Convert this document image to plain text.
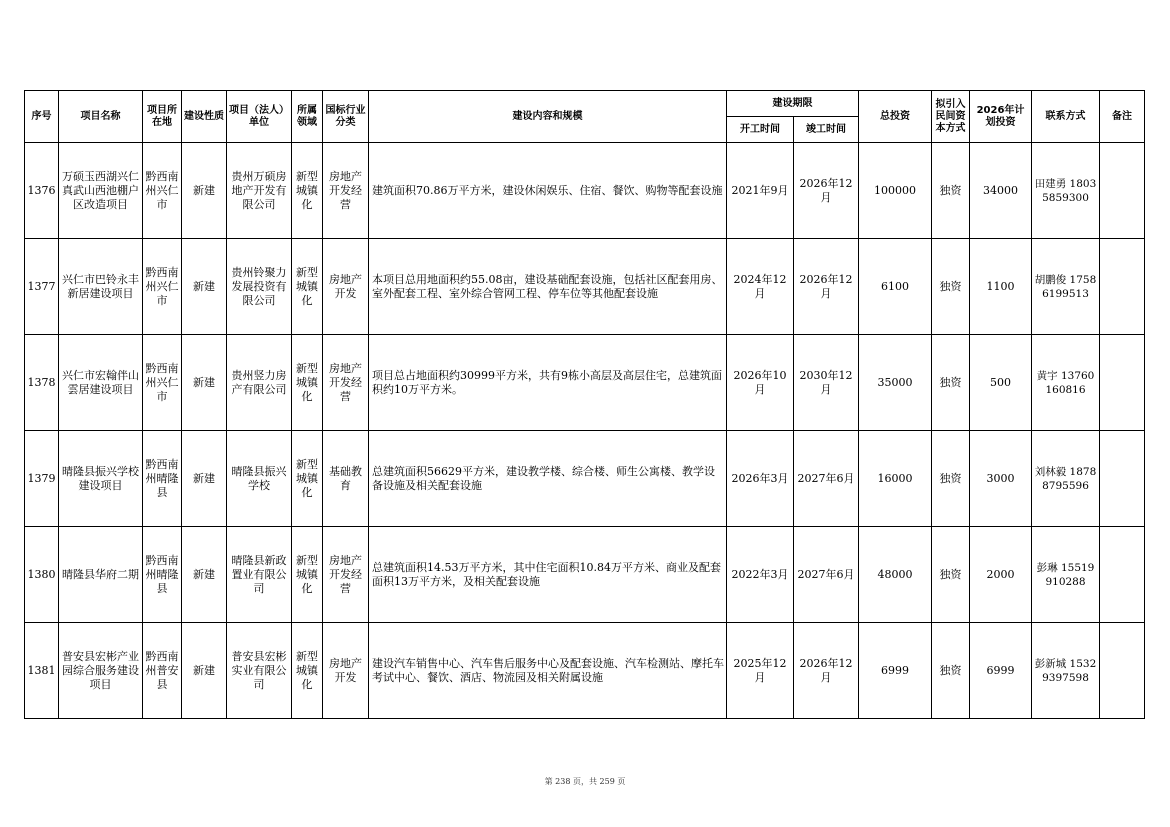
序号	项目名称	项目所在地	建设性质	项目（法人）单位	所属领域	国标行业分类	建设内容和规模	建设期限		总投资	拟引入民间资本方式	2026年计划投资	联系方式	备注
								开工时间	竣工时间					
1376	万硕玉西湖兴仁真武山西池棚户区改造项目	黔西南州兴仁市	新建	贵州万硕房地产开发有限公司	新型城镇化	房地产开发经营	建筑面积70.86万平方米，建设休闲娱乐、住宿、餐饮、购物等配套设施	2021年9月	2026年12月	100000	独资	34000	田建勇 18035859300	
1377	兴仁市巴铃永丰新居建设项目	黔西南州兴仁市	新建	贵州铃聚力发展投资有限公司	新型城镇化	房地产开发	本项目总用地面积约55.08亩，建设基础配套设施，包括社区配套用房、室外配套工程、室外综合管网工程、停车位等其他配套设施	2024年12月	2026年12月	6100	独资	1100	胡鹏俊 17586199513	
1378	兴仁市宏翰伴山雲居建设项目	黔西南州兴仁市	新建	贵州竖力房产有限公司	新型城镇化	房地产开发经营	项目总占地面积约30999平方米，共有9栋小高层及高层住宅，总建筑面积约10万平方米。	2026年10月	2030年12月	35000	独资	500	黄宇 13760160816	
1379	晴隆县振兴学校建设项目	黔西南州晴隆县	新建	晴隆县振兴学校	新型城镇化	基础教育	总建筑面积56629平方米，建设教学楼、综合楼、师生公寓楼、教学设备设施及相关配套设施	2026年3月	2027年6月	16000	独资	3000	刘林毅 18788795596	
1380	晴隆县华府二期	黔西南州晴隆县	新建	晴隆县新政置业有限公司	新型城镇化	房地产开发经营	总建筑面积14.53万平方米，其中住宅面积10.84万平方米、商业及配套面积13万平方米，及相关配套设施	2022年3月	2027年6月	48000	独资	2000	彭琳 15519910288	
1381	普安县宏彬产业园综合服务建设项目	黔西南州普安县	新建	普安县宏彬实业有限公司	新型城镇化	房地产开发	建设汽车销售中心、汽车售后服务中心及配套设施、汽车检测站、摩托车考试中心、餐饮、酒店、物流园及相关附属设施	2025年12月	2026年12月	6999	独资	6999	彭新城 15329397598	
第 238 页，共 259 页
